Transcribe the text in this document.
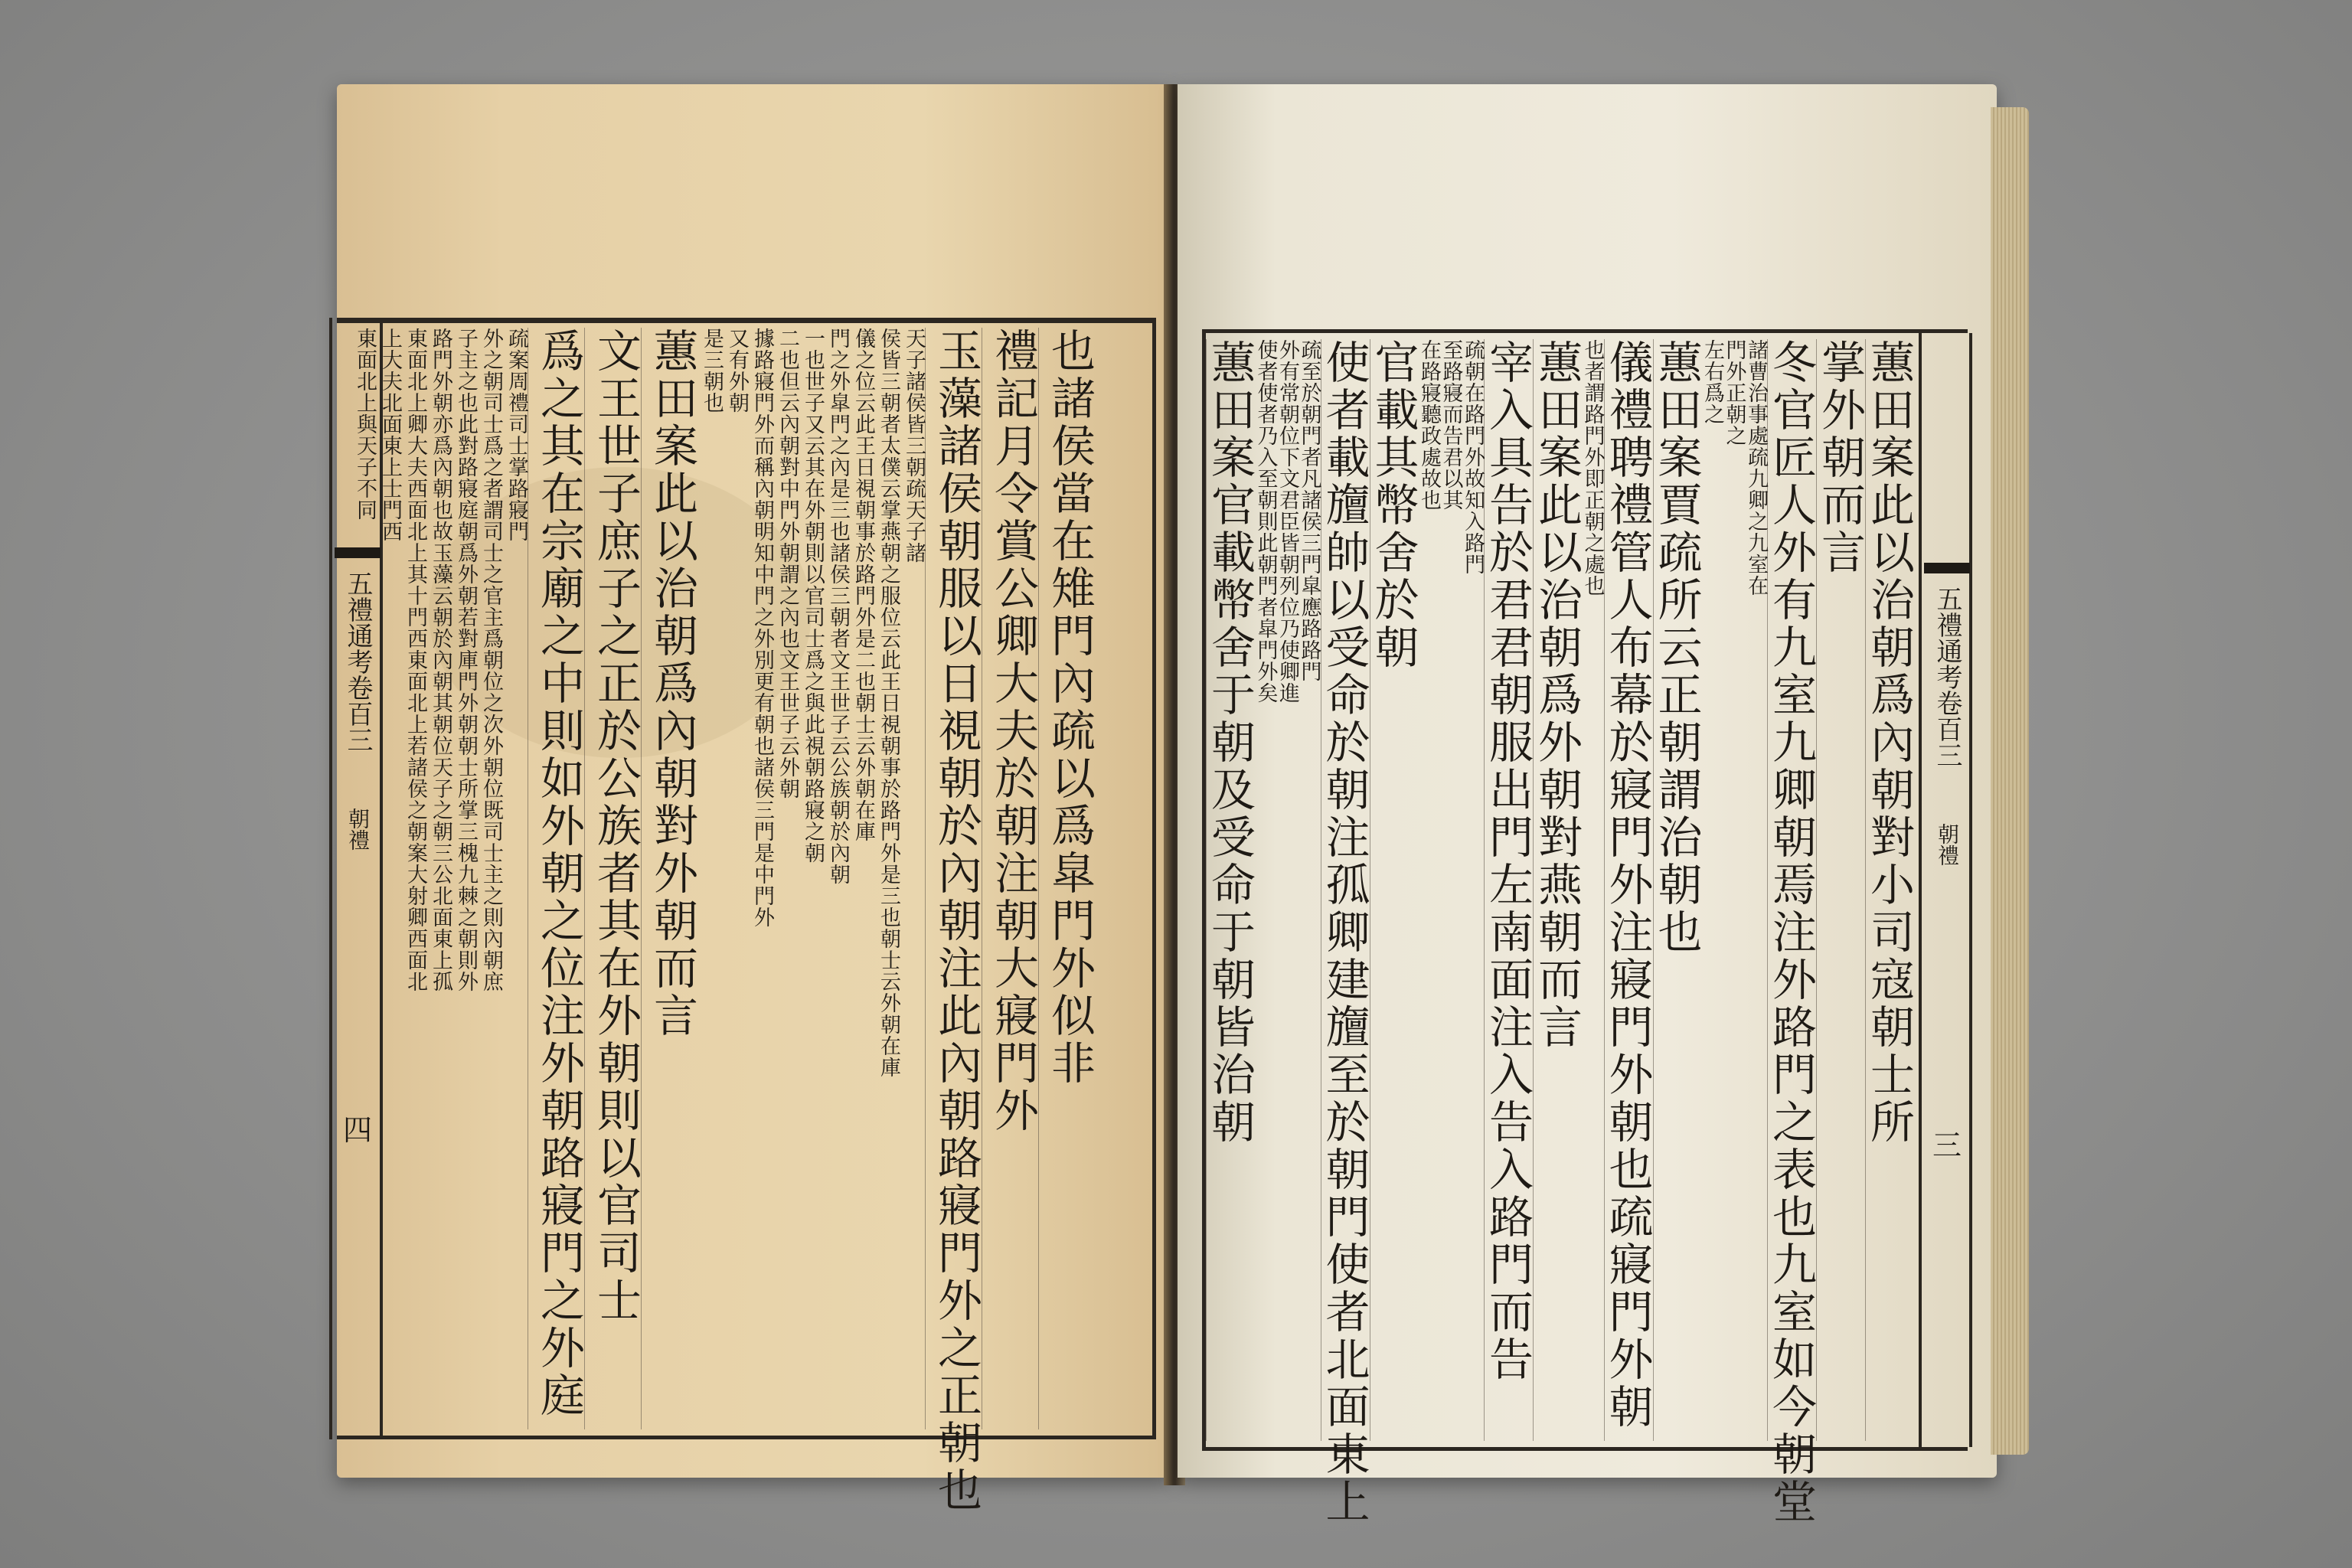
也諸侯當在雉門內疏以爲皐門外似非
禮記月令賞公卿大夫於朝注朝大寢門外
玉藻諸侯朝服以日視朝於內朝注此內朝路寢門外之正朝也
天子諸侯皆三朝疏天子諸
侯皆三朝者太僕云掌燕朝之服位云此王日視朝事於路門外是三也朝士云外朝在庫
儀之位云此王日視朝事於路門外是二也朝士云外朝在庫
門之外皐門之內是三也諸侯三朝者文王世子云公族朝於內朝
一也世子又云其在外朝則以官司士爲之與此視朝路寢之朝
二也但云內朝對中門外朝謂之內也文王世子云外朝
據路寢門外而稱內朝明知中門之外別更有朝也諸侯三門是中門外
又有外朝
是三朝也
蕙田案此以治朝爲內朝對外朝而言
文王世子庶子之正於公族者其在外朝則以官司士
爲之其在宗廟之中則如外朝之位注外朝路寢門之外庭
疏案周禮司士掌路寢門
外之朝司士爲之者謂司士之官主爲朝位之次外朝位既司士主之則內朝庶
子主之也此對路寢庭朝爲外朝若對庫門外朝朝士所掌三槐九棘之朝則外
路門外朝亦爲內朝也故玉藻云朝於內朝其朝位天子之朝三公北面東上孤
東面北上卿大夫西面北上其十門西東面北上若諸侯之朝案大射卿西面北
上大夫北面東上士門西
東面北上與天子不同	蕙田案此以治朝爲內朝對小司寇朝士所
掌外朝而言
冬官匠人外有九室九卿朝焉注外路門之表也九室如今朝堂
諸曹治事處疏九卿之九室在
門外正朝之
左右爲之
蕙田案賈疏所云正朝謂治朝也
儀禮聘禮管人布幕於寢門外注寢門外朝也疏寢門外朝
也者謂路門外即正朝之處也
蕙田案此以治朝爲外朝對燕朝而言
宰入具告於君君朝服出門左南面注入告入路門而告
疏朝在路門外故知入路門
至路寢而告君以其
在路寢聽政處故也
官載其幣舍於朝
使者載旜帥以受命於朝注孤卿建旜至於朝門使者北面東上
疏至於朝門者凡諸侯三門皐應路路門
外有常朝位下文君臣皆朝列位乃使卿進
使者使者乃入至朝則此朝門者皐門外矣
蕙田案官載幣舍于朝及受命于朝皆治朝	五禮通考卷百三
朝禮
三
五禮通考卷百三
朝禮
四
